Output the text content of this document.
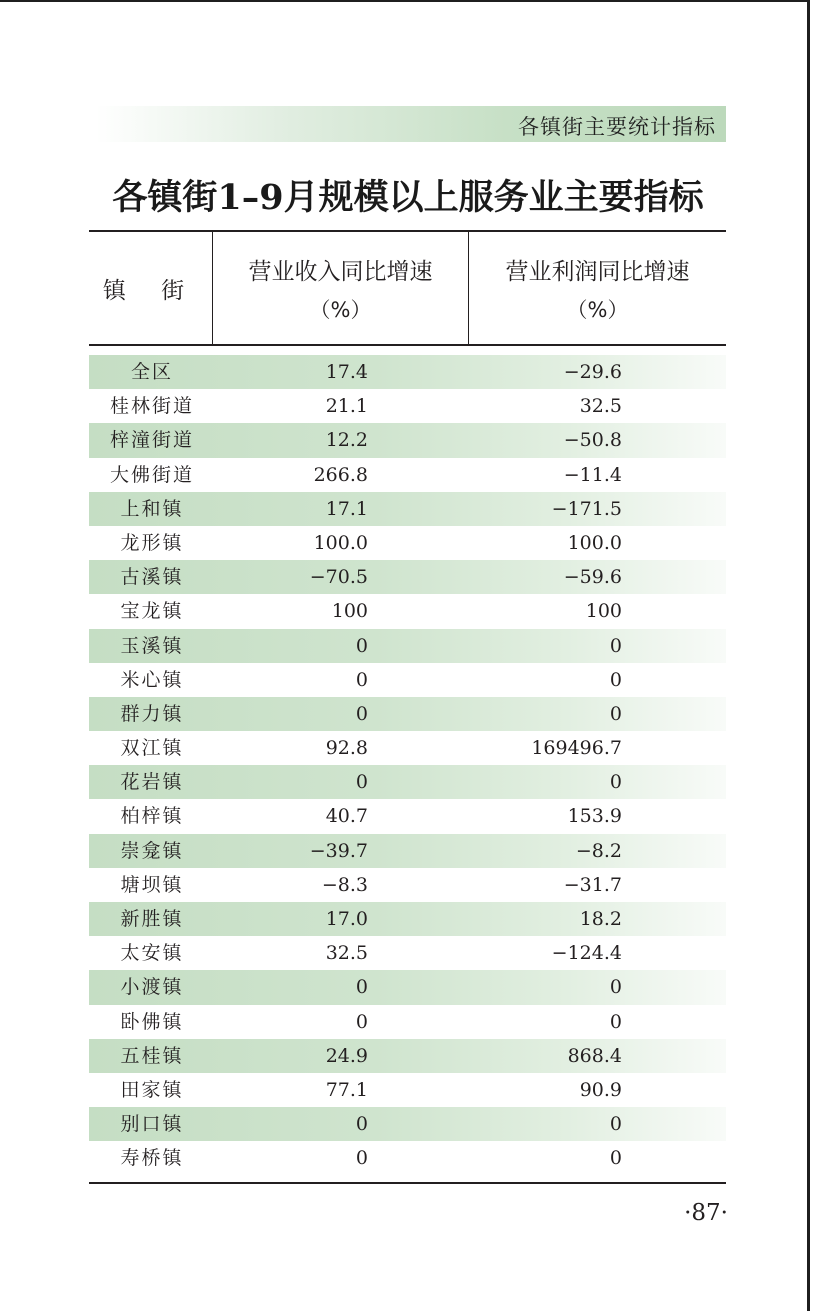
各镇街主要统计指标
各镇街1–9月规模以上服务业主要指标
镇 街
营业收入同比增速
（%）
营业利润同比增速
（%）
全区	17.4	−29.6
桂林街道	21.1	32.5
梓潼街道	12.2	−50.8
大佛街道	266.8	−11.4
上和镇	17.1	−171.5
龙形镇	100.0	100.0
古溪镇	−70.5	−59.6
宝龙镇	100	100
玉溪镇	0	0
米心镇	0	0
群力镇	0	0
双江镇	92.8	169496.7
花岩镇	0	0
柏梓镇	40.7	153.9
崇龛镇	−39.7	−8.2
塘坝镇	−8.3	−31.7
新胜镇	17.0	18.2
太安镇	32.5	−124.4
小渡镇	0	0
卧佛镇	0	0
五桂镇	24.9	868.4
田家镇	77.1	90.9
别口镇	0	0
寿桥镇	0	0
·87·
